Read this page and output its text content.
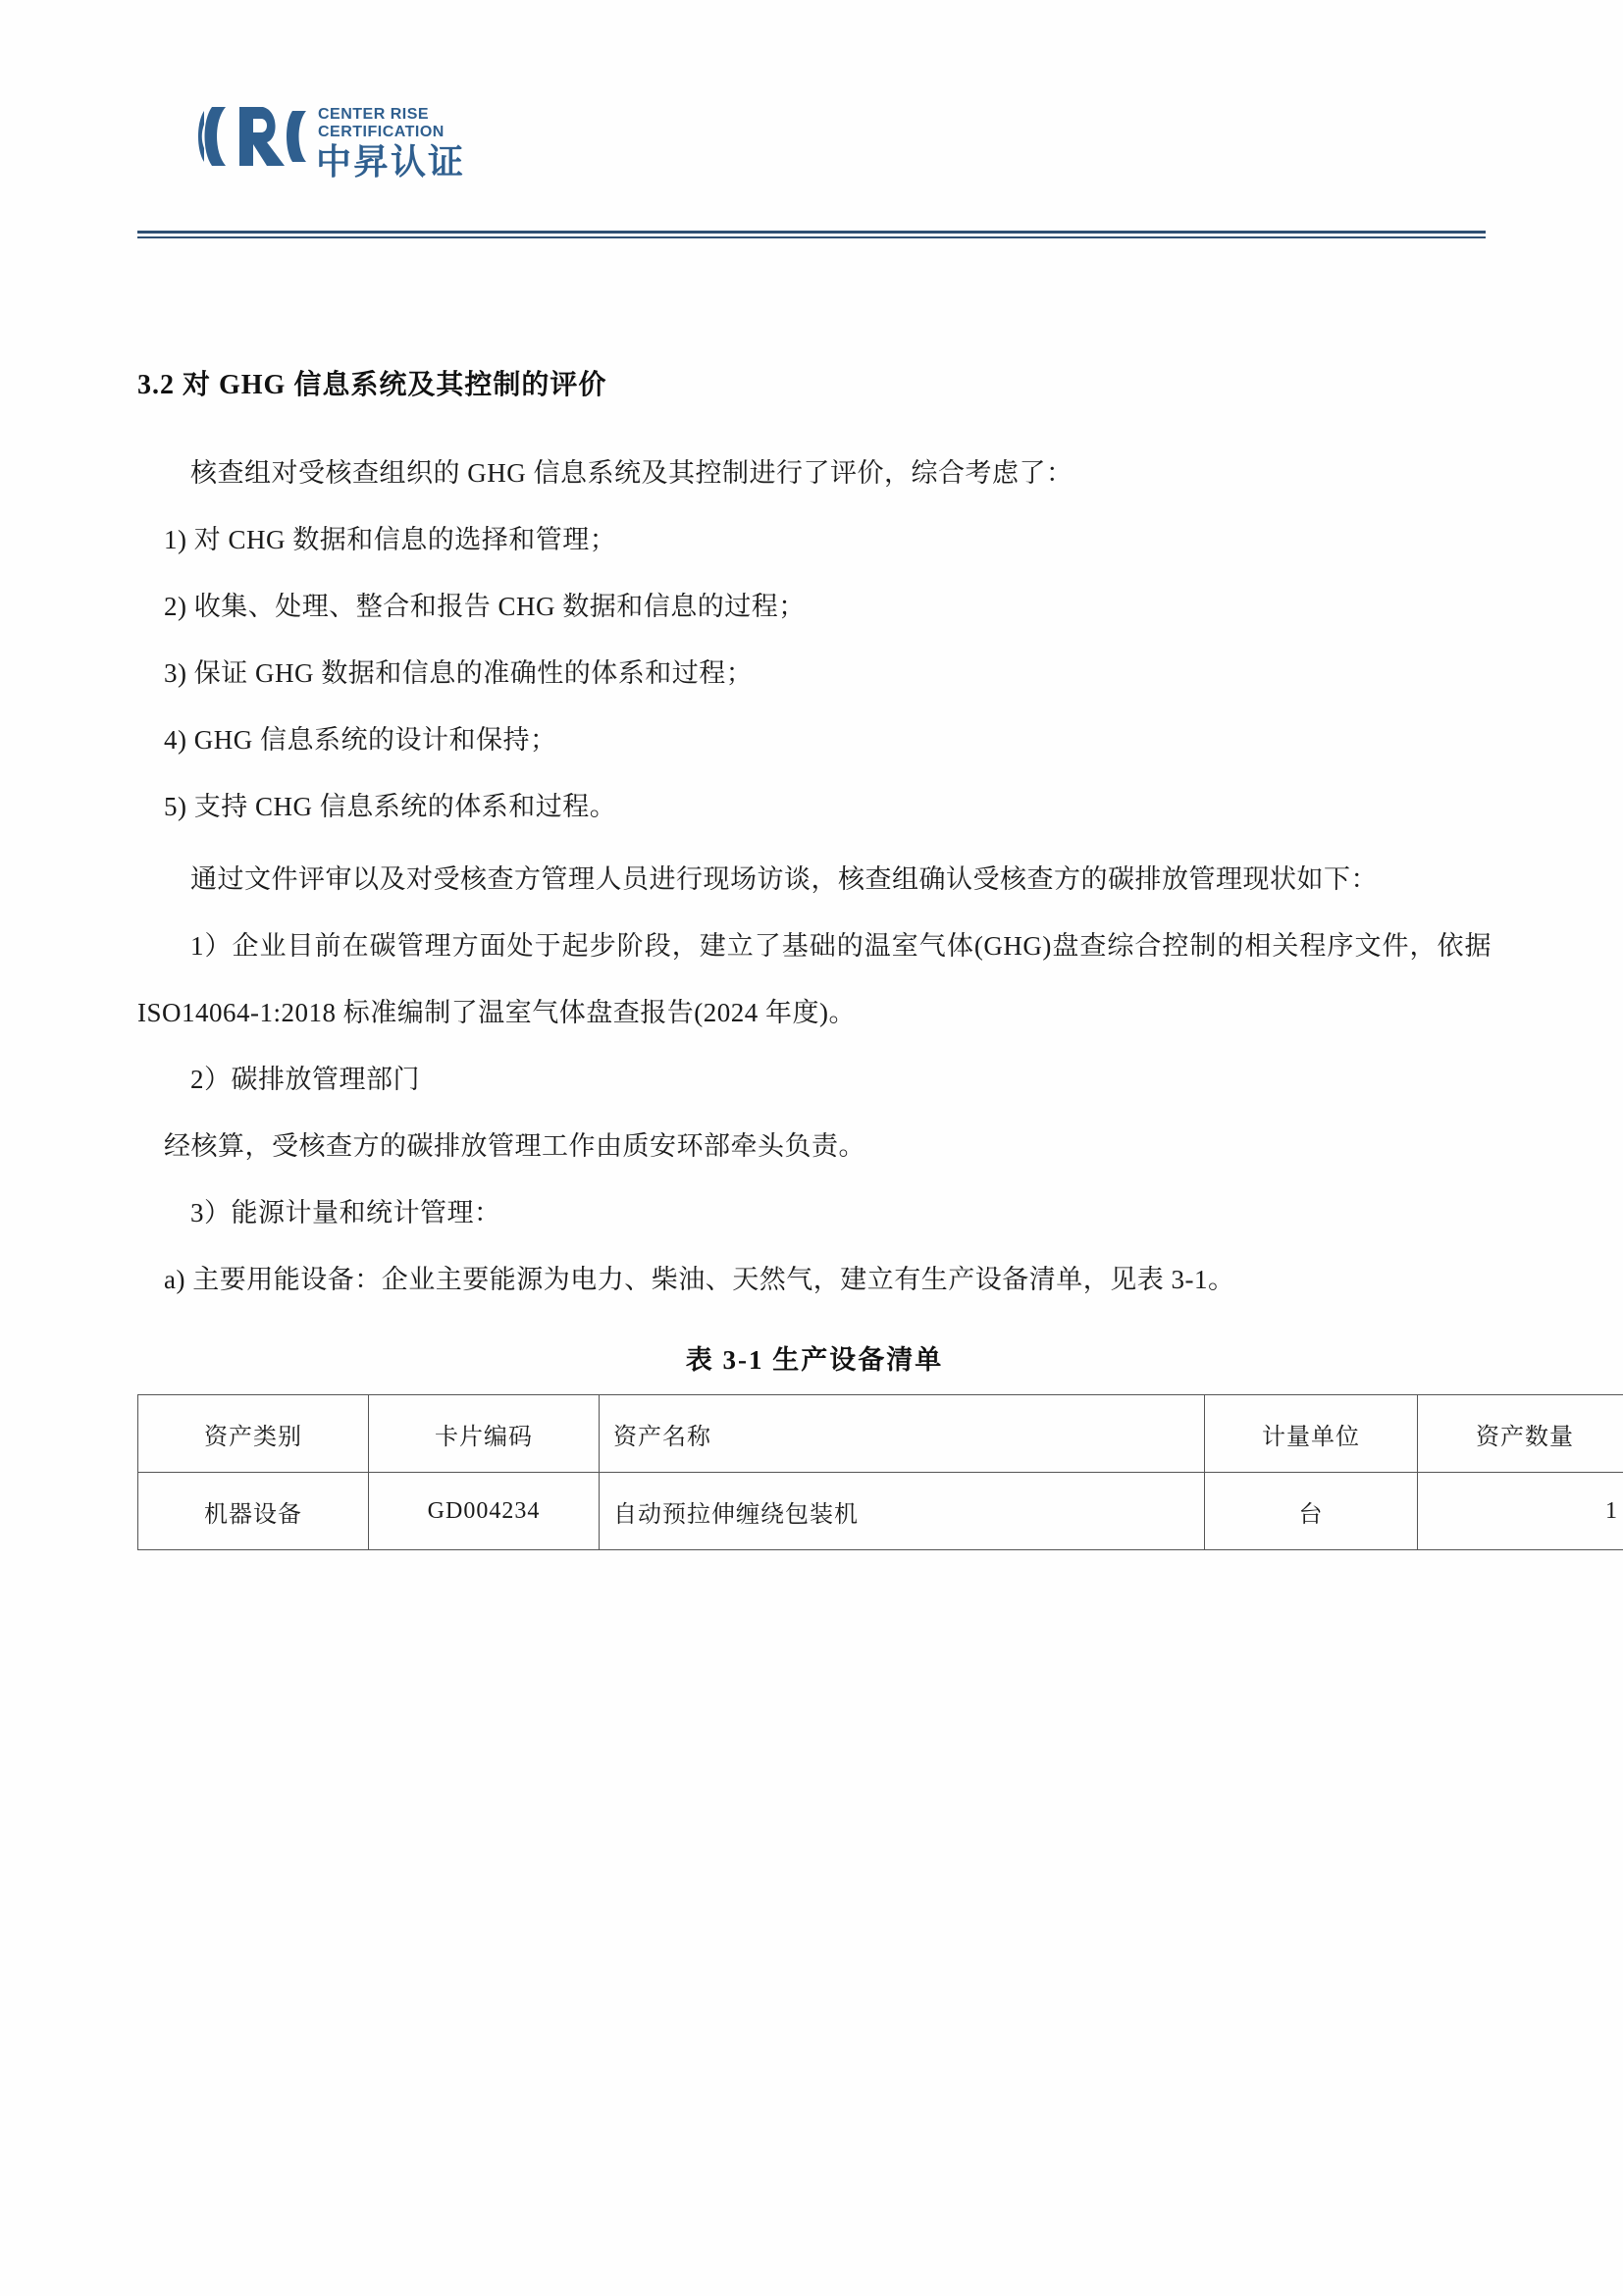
CENTER RISE
CERTIFICATION
中昇认证
3.2 对 GHG 信息系统及其控制的评价

核查组对受核查组织的 GHG 信息系统及其控制进行了评价，综合考虑了：

1) 对 CHG 数据和信息的选择和管理；

2) 收集、处理、整合和报告 CHG 数据和信息的过程；

3) 保证 GHG 数据和信息的准确性的体系和过程；

4) GHG 信息系统的设计和保持；

5) 支持 CHG 信息系统的体系和过程。

通过文件评审以及对受核查方管理人员进行现场访谈，核查组确认受核查方的碳排放管理现状如下：

1）企业目前在碳管理方面处于起步阶段，建立了基础的温室气体(GHG)盘查综合控制的相关程序文件，依据 ISO14064-1:2018 标准编制了温室气体盘查报告(2024 年度)。

2）碳排放管理部门

经核算，受核查方的碳排放管理工作由质安环部牵头负责。

3）能源计量和统计管理：

a) 主要用能设备：企业主要能源为电力、柴油、天然气，建立有生产设备清单，见表 3-1。

表 3-1 生产设备清单
资产类别	卡片编码	资产名称	计量单位	资产数量
机器设备	GD004234	自动预拉伸缠绕包装机	台	1
